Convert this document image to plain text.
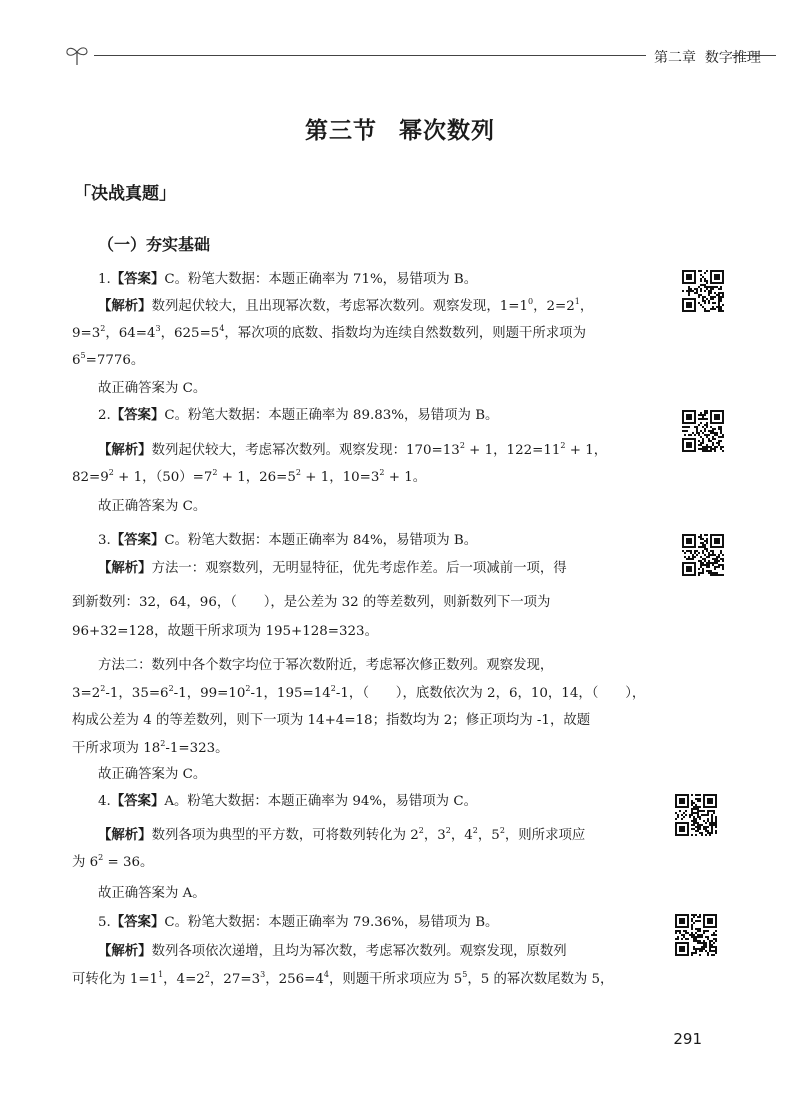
第二章 数字推理
第三节 幂次数列
「决战真题」
（一）夯实基础
1.【答案】C。粉笔大数据：本题正确率为 71%，易错项为 B。
【解析】数列起伏较大，且出现幂次数，考虑幂次数列。观察发现，$1=1^0$，$2=2^1$，
$9=3^2$，$64=4^3$，$625=5^4$，幂次项的底数、指数均为连续自然数数列，则题干所求项为
$6^5=7776$。
故正确答案为 C。
2.【答案】C。粉笔大数据：本题正确率为 89.83%，易错项为 B。
【解析】数列起伏较大，考虑幂次数列。观察发现：$170=13^2 + 1$，$122=11^2 + 1$，
$82=9^2 + 1$，$(50)=7^2 + 1$，$26=5^2 + 1$，$10=3^2 + 1$。
故正确答案为 C。
3.【答案】C。粉笔大数据：本题正确率为 84%，易错项为 B。
【解析】方法一：观察数列，无明显特征，优先考虑作差。后一项减前一项，得
到新数列：32，64，96，（　　），是公差为 32 的等差数列，则新数列下一项为
96+32=128，故题干所求项为 195+128=323。
方法二：数列中各个数字均位于幂次数附近，考虑幂次修正数列。观察发现，
$3=2^2-1$，$35=6^2-1$，$99=10^2-1$，$195=14^2-1$，（　　），底数依次为 2，6，10，14，（　　），
构成公差为 4 的等差数列，则下一项为 14+4=18；指数均为 2；修正项均为 -1，故题
干所求项为 $18^2-1=323$。
故正确答案为 C。
4.【答案】A。粉笔大数据：本题正确率为 94%，易错项为 C。
【解析】数列各项为典型的平方数，可将数列转化为 $2^2$，$3^2$，$4^2$，$5^2$，则所求项应
为 $6^2 = 36$。
故正确答案为 A。
5.【答案】C。粉笔大数据：本题正确率为 79.36%，易错项为 B。
【解析】数列各项依次递增，且均为幂次数，考虑幂次数列。观察发现，原数列
可转化为 $1=1^1$，$4=2^2$，$27=3^3$，$256=4^4$，则题干所求项应为 $5^5$，5 的幂次数尾数为 5，
291
